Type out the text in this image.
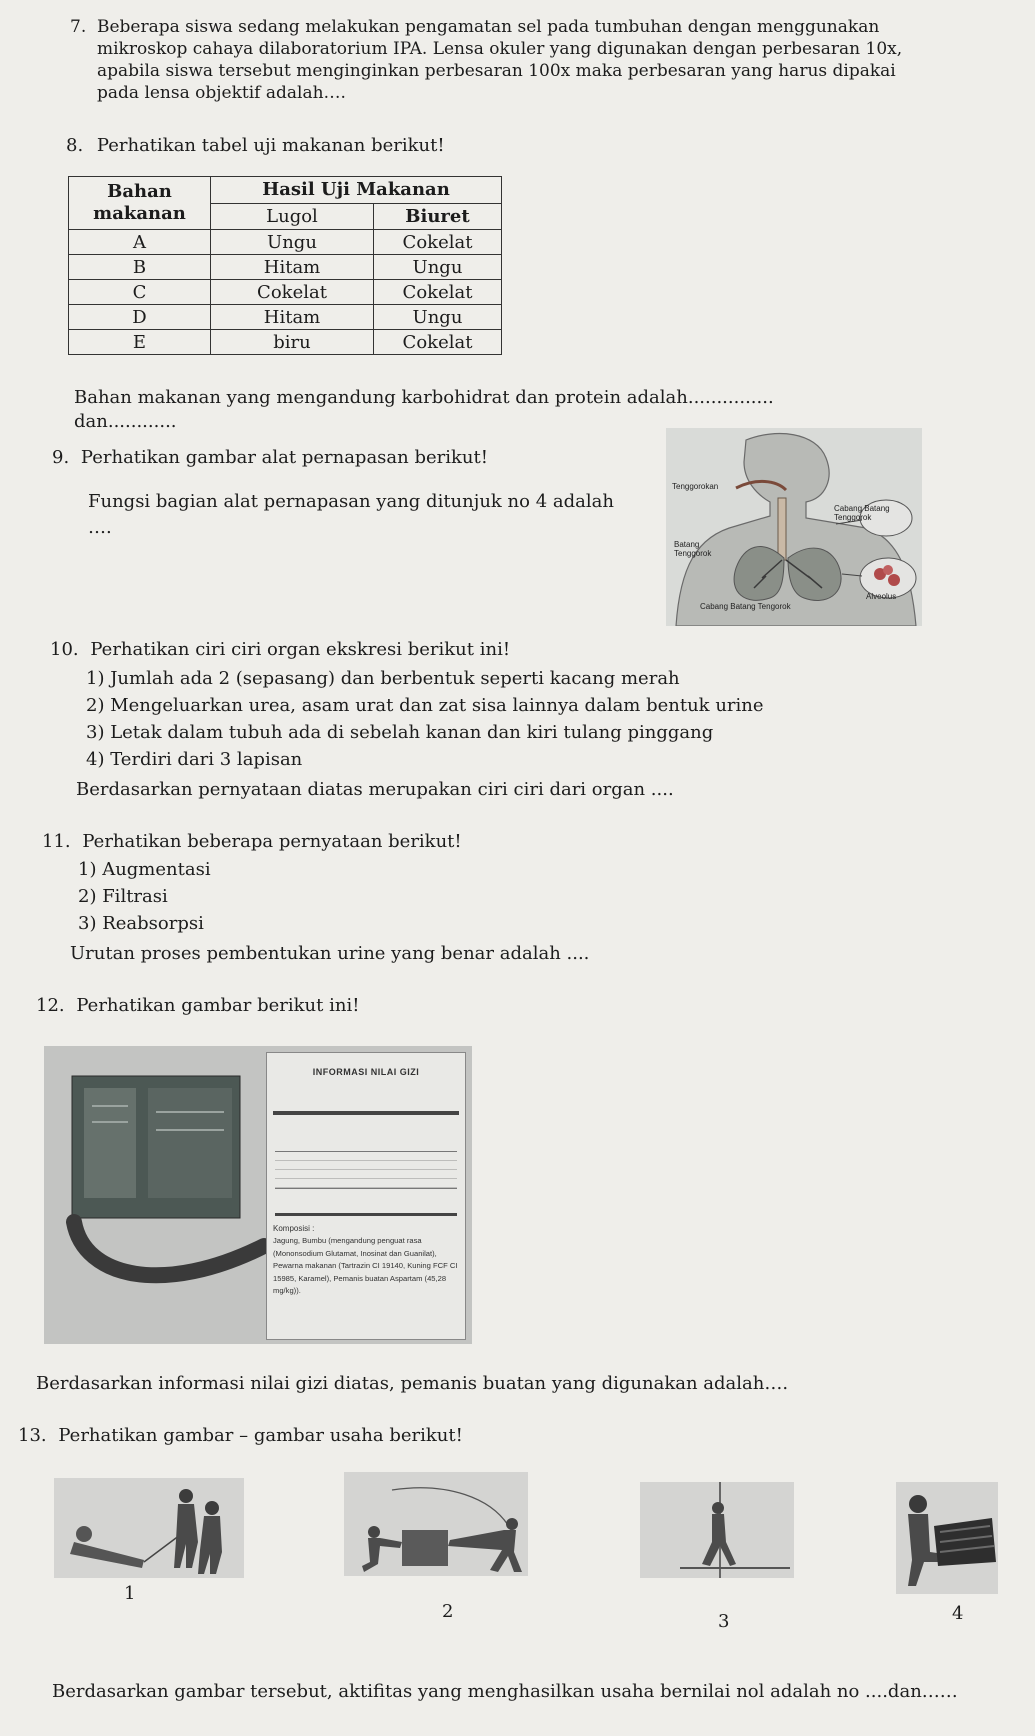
7. Beberapa siswa sedang melakukan pengamatan sel pada tumbuhan dengan menggunakan mikroskop cahaya dilaboratorium IPA. Lensa okuler yang digunakan dengan perbesaran 10x, apabila siswa tersebut menginginkan perbesaran 100x maka perbesaran yang harus dipakai pada lensa objektif adalah….
8. Perhatikan tabel uji makanan berikut!
Bahan makanan	Hasil Uji Makanan	
	Lugol	Biuret
A	Ungu	Cokelat
B	Hitam	Ungu
C	Cokelat	Cokelat
D	Hitam	Ungu
E	biru	Cokelat
Bahan makanan yang mengandung karbohidrat dan protein adalah............... dan............
9. Perhatikan gambar alat pernapasan berikut!
Fungsi bagian alat pernapasan yang ditunjuk no 4 adalah
….
Tenggorokan
Cabang Batang Tenggorok
Batang Tenggorok
Alveolus
Cabang Batang Tengorok
10. Perhatikan ciri ciri organ ekskresi berikut ini!
1) Jumlah ada 2 (sepasang) dan berbentuk seperti kacang merah
2) Mengeluarkan urea, asam urat dan zat sisa lainnya dalam bentuk urine
3) Letak dalam tubuh ada di sebelah kanan dan kiri tulang pinggang
4) Terdiri dari 3 lapisan
Berdasarkan pernyataan diatas merupakan ciri ciri dari organ ....
11. Perhatikan beberapa pernyataan berikut!
1) Augmentasi
2) Filtrasi
3) Reabsorpsi
Urutan proses pembentukan urine yang benar adalah ....
12. Perhatikan gambar berikut ini!
INFORMASI NILAI GIZI
Komposisi :
Jagung, Bumbu (mengandung penguat rasa (Mononsodium Glutamat, Inosinat dan Guanilat), Pewarna makanan (Tartrazin CI 19140, Kuning FCF CI 15985, Karamel), Pemanis buatan Aspartam (45,28 mg/kg)).
Berdasarkan informasi nilai gizi diatas, pemanis buatan yang digunakan adalah….
13. Perhatikan gambar – gambar usaha berikut!
1
2	3	4
Berdasarkan gambar tersebut, aktifitas yang menghasilkan usaha bernilai nol adalah no ....dan……
